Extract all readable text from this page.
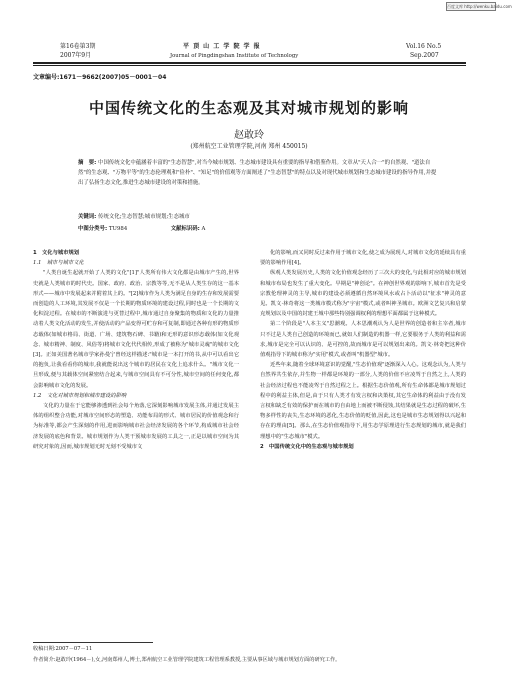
百度文库 http://wenku.baidu.com
第16卷第3期
2007年9月
平 顶 山 工 学 院 学 报
Journal of Pingdingshan Institute of Technology
Vol.16 No.5
Sep.2007
文章编号:1671－9662(2007)05－0001－04
中国传统文化的生态观及其对城市规划的影响
赵敢玲
(郑州航空工业管理学院,河南 郑州 450015)
摘　要: 中国传统文化中蕴涵着丰富的"生态智慧",对当今城市规划、生态城市建设具有重要的指导和借鉴作用。文章从"天人合一"的自然观、"道法自然"的生态观、"万物平等"的生态伦理观和"俭朴"、"知足"的价值观等方面阐述了"生态智慧"的特点以及对现代城市规划和生态城市建设的指导作用,并提出了弘扬生态文化,推进生态城市建设的对策和措施。
关键词: 传统文化;生态智慧;城市规划;生态城市
中图分类号: TU984	文献标识码: A

1　文化与城市规划

1.1　城市与城市文化

"人类自诞生起就开始了人类的文化"[1]"人类所有伟大文化都是由城市产生的,世界史就是人类城市的时代史。国家、政府、政治、宗教等等,无不是从人类生存的这一基本形式——城市中发展起来并附着其上的。"[2]城市作为人类为满足自身的生存和发展需要而创造的人工环境,其发展不仅是一个长期的物质环境的建设过程,同时也是一个长期的文化积淀过程。在城市的不断演进与更替过程中,城市通过自身聚集的物质和文化的力量推动着人类文化活动的发生,并使活动的产品变得可贮存和可复制,即通过各种有形的物质形态载体(如城市格局、街道、广场、建筑物石碑、书籍)和无形的意识形态载体(如文化观念、城市精神、制度、风俗等)将城市文化代代相传,形成了被称为"城市灵魂"的城市文化[3]。正如美国著名城市学家孙曼宁曾经这样描述:"城市是一本打开的书,从中可以看出它的抱负,让我看看你的城市,我就能说出这个城市的居民在文化上追求什么。"城市文化一旦形成,便与其载体空间紧密结合起来,与城市空间具有不可分性,城市空间的任何变化,都会影响城市文化的发展。

1.2　文化对城市规划和城市建设的影响

文化的力量在于它能够渗透到社会每个角落,它深刻影响城市发展主体,并通过发展主体的组织整合功能,对城市空间形态的塑造、功能布局的形式、城市居民的价值观念和行为标准等,都会产生深刻的作用,进而影响城市社会经济发展的各个环节,构成城市社会经济发展的底色和背景。城市规划作为人类干预城市发展的工具之一,正是以城市空间为其研究对象的,因而,城市规划无时无刻不受城市文

化的影响,而又同时反过来作用于城市文化,使之成为展现人,对城市文化的延续具有重要的影响作用[4]。

纵观人类发展历史,人类的文化价值观念经历了三次大的变化,与此相对应的城市规划和城市布局也发生了重大变化。早期是"神创论"。在神创世界观的影响下,城市首先是受宗教伦理神灵的主导,城市的建设必须遵循自然环境风水或占卜活动以"征求"神灵的意见。凯文·林奇将这一类城市模式称为"宇宙"模式,或者叫神圣城市。欧洲文艺复兴和启蒙克规划以及中国的封建王城中那些特别强调权利的理想平面都属于这种模式。

第二个阶段是"人本主义"思潮观。人本思潮观认为人是世界的创造者和主宰者,城市只不过是人类自己创造的环境而已,就如人们制造的机器一样,它要服务于人类的利益和需求,城市是完全可以认识的、是可控的,故而城市是可以规划出来的。凯文·林奇把这种价值观指导下的城市称为"实用"模式,或者叫"机器型"城市。

近些年来,随着全球环境意识的觉醒,"生态价值观"逐渐深入人心。这观念认为,人类与自然界共生依存,并生物一样都是环境的一部分,人类的价值不应凌驾于自然之上,人类的社会经济过程也不能凌驾于自然过程之上。根据生态价值观,所有生命体都是城市规划过程中的利益主体,但是,由于只有人类才有发言权和决策权,其它生命体的利益由于没有发言权和缺乏有效的保护而在城市的自由地上而被不断侵蚀,其结果就是生态过程的破坏,生物多样性的丧失,生态环境的恶化,生态价值的贬值,因此,这也是城市生态规划得以兴起和存在的理由[5]。那么,在生态价值观指导下,用生态学原理进行生态规划的城市,就是我们理想中的"生态城市"模式。

2　中国传统文化中的生态观与城市规划

收稿日期:2007－07－11
作者简介:赵敢玲(1964－),女,河南郑州人,博士,郑州航空工业管理学院建筑工程管理系教授,主要从事区域与城市规划方面的研究工作。
